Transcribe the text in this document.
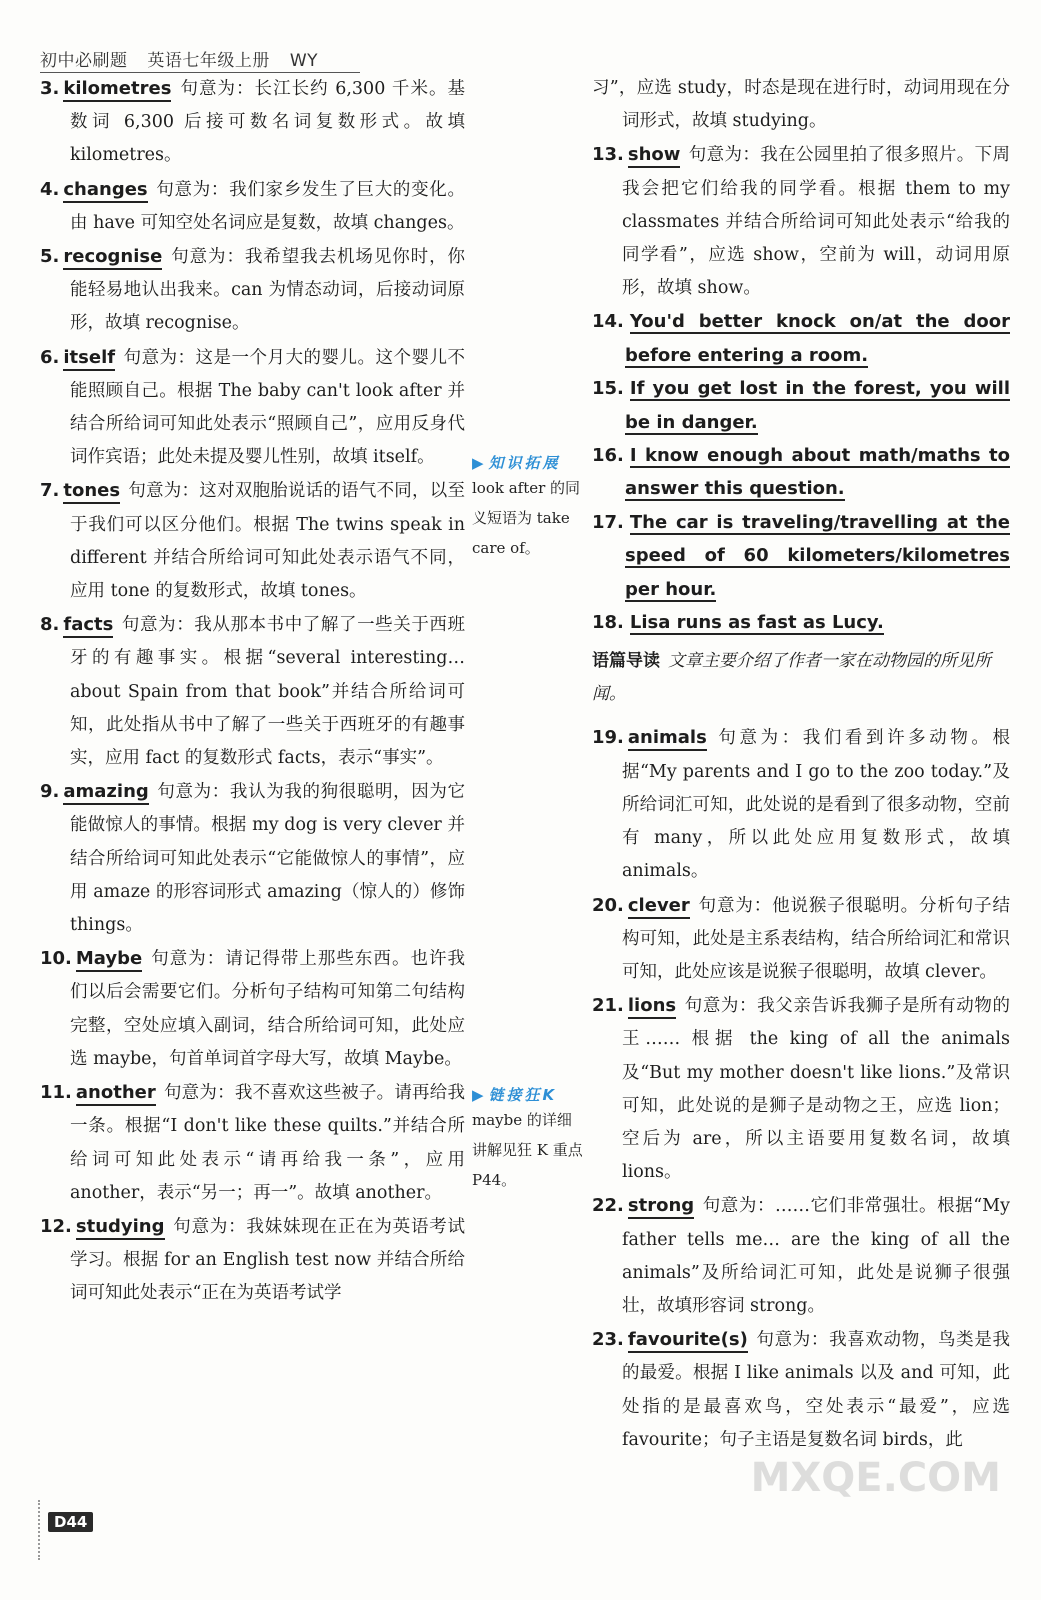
初中必刷题 英语七年级上册 WY
3. kilometres 句意为：长江长约 6,300 千米。基数词 6,300 后接可数名词复数形式。故填 kilometres。
4. changes 句意为：我们家乡发生了巨大的变化。由 have 可知空处名词应是复数，故填 changes。
5. recognise 句意为：我希望我去机场见你时，你能轻易地认出我来。can 为情态动词，后接动词原形，故填 recognise。
6. itself 句意为：这是一个月大的婴儿。这个婴儿不能照顾自己。根据 The baby can't look after 并结合所给词可知此处表示“照顾自己”，应用反身代词作宾语；此处未提及婴儿性别，故填 itself。
7. tones 句意为：这对双胞胎说话的语气不同，以至于我们可以区分他们。根据 The twins speak in different 并结合所给词可知此处表示语气不同，应用 tone 的复数形式，故填 tones。
8. facts 句意为：我从那本书中了解了一些关于西班牙的有趣事实。根据“several interesting… about Spain from that book”并结合所给词可知，此处指从书中了解了一些关于西班牙的有趣事实，应用 fact 的复数形式 facts，表示“事实”。
9. amazing 句意为：我认为我的狗很聪明，因为它能做惊人的事情。根据 my dog is very clever 并结合所给词可知此处表示“它能做惊人的事情”，应用 amaze 的形容词形式 amazing（惊人的）修饰 things。
10. Maybe 句意为：请记得带上那些东西。也许我们以后会需要它们。分析句子结构可知第二句结构完整，空处应填入副词，结合所给词可知，此处应选 maybe，句首单词首字母大写，故填 Maybe。
11. another 句意为：我不喜欢这些被子。请再给我一条。根据“I don't like these quilts.”并结合所给词可知此处表示“请再给我一条”，应用 another，表示“另一；再一”。故填 another。
12. studying 句意为：我妹妹现在正在为英语考试学习。根据 for an English test now 并结合所给词可知此处表示“正在为英语考试学
▶ 知识拓展
look after 的同义短语为 take care of。
▶ 链接狂K
maybe 的详细讲解见狂 K 重点 P44。
习”，应选 study，时态是现在进行时，动词用现在分词形式，故填 studying。
13. show 句意为：我在公园里拍了很多照片。下周我会把它们给我的同学看。根据 them to my classmates 并结合所给词可知此处表示“给我的同学看”，应选 show，空前为 will，动词用原形，故填 show。
14. You'd better knock on/at the door before entering a room.
15. If you get lost in the forest, you will be in danger.
16. I know enough about math/maths to answer this question.
17. The car is traveling/travelling at the speed of 60 kilometers/kilometres per hour.
18. Lisa runs as fast as Lucy.
语篇导读 文章主要介绍了作者一家在动物园的所见所闻。
19. animals 句意为：我们看到许多动物。根据“My parents and I go to the zoo today.”及所给词汇可知，此处说的是看到了很多动物，空前有 many，所以此处应用复数形式，故填 animals。
20. clever 句意为：他说猴子很聪明。分析句子结构可知，此处是主系表结构，结合所给词汇和常识可知，此处应该是说猴子很聪明，故填 clever。
21. lions 句意为：我父亲告诉我狮子是所有动物的王…… 根据 the king of all the animals 及“But my mother doesn't like lions.”及常识可知，此处说的是狮子是动物之王，应选 lion；空后为 are，所以主语要用复数名词，故填 lions。
22. strong 句意为：……它们非常强壮。根据“My father tells me… are the king of all the animals”及所给词汇可知，此处是说狮子很强壮，故填形容词 strong。
23. favourite(s) 句意为：我喜欢动物，鸟类是我的最爱。根据 I like animals 以及 and 可知，此处指的是最喜欢鸟，空处表示“最爱”，应选 favourite；句子主语是复数名词 birds，此
D44
MXQE.COM
